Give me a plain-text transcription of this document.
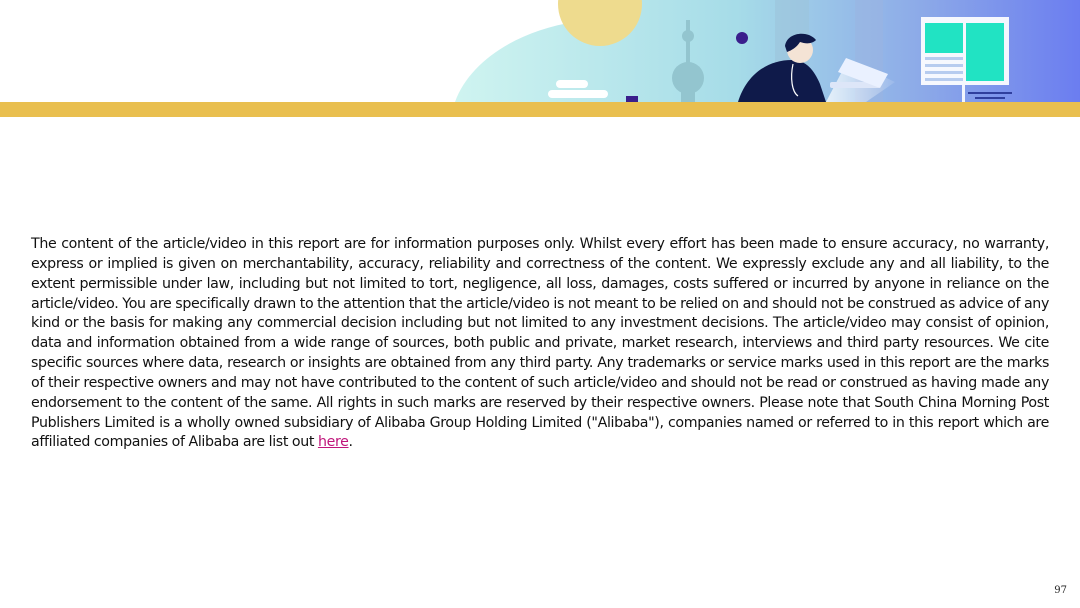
The content of the article/video in this report are for information purposes only. Whilst every effort has been made to ensure accuracy, no warranty, express or implied is given on merchantability, accuracy, reliability and correctness of the content. We expressly exclude any and all liability, to the extent permissible under law, including but not limited to tort, negligence, all loss, damages, costs suffered or incurred by anyone in reliance on the article/video. You are specifically drawn to the attention that the article/video is not meant to be relied on and should not be construed as advice of any kind or the basis for making any commercial decision including but not limited to any investment decisions. The article/video may consist of opinion, data and information obtained from a wide range of sources, both public and private, market research, interviews and third party resources. We cite specific sources where data, research or insights are obtained from any third party. Any trademarks or service marks used in this report are the marks of their respective owners and may not have contributed to the content of such article/video and should not be read or construed as having made any endorsement to the content of the same. All rights in such marks are reserved by their respective owners. Please note that South China Morning Post Publishers Limited is a wholly owned subsidiary of Alibaba Group Holding Limited ("Alibaba"), companies named or referred to in this report which are affiliated companies of Alibaba are list out here.

97
